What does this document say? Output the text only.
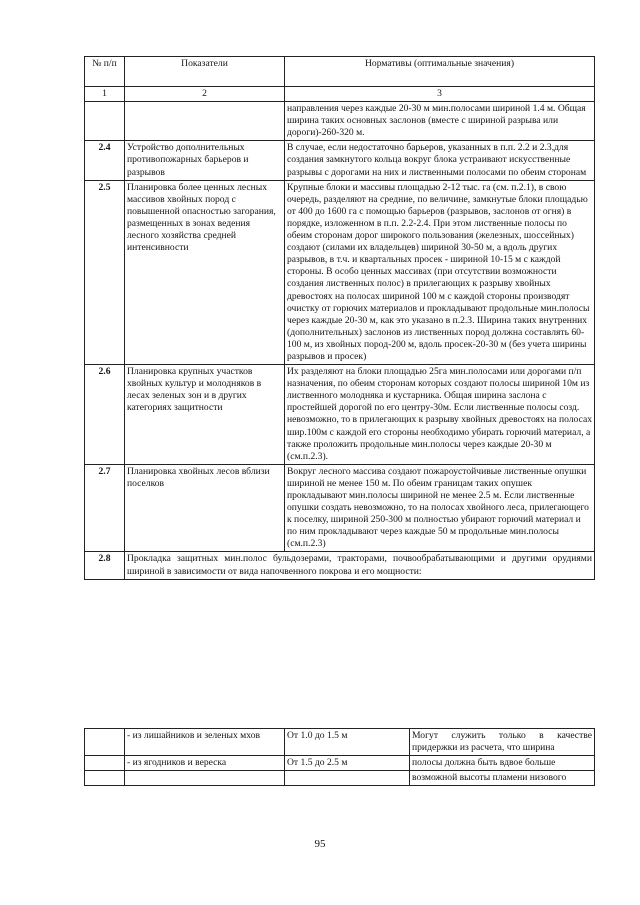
№ п/п	Показатели	Нормативы (оптимальные значения)
1	2	3
		направления через каждые 20-30 м мин.полосами шириной 1.4 м. Общая ширина таких основных заслонов (вместе с шириной разрыва или дороги)-260-320 м.
2.4	Устройство дополнительных противопожарных барьеров и разрывов	В случае, если недостаточно барьеров, указанных в п.п. 2.2 и 2.3,для создания замкнутого кольца вокруг блока устраивают искусственные разрывы с дорогами на них и лиственными полосами по обеим сторонам
2.5	Планировка более ценных лесных массивов хвойных пород с повышенной опасностью загорания, размещенных в зонах ведения лесного хозяйства средней интенсивности	Крупные блоки и массивы площадью 2-12 тыс. га (см. п.2.1), в свою очередь, разделяют на средние, по величине, замкнутые блоки площадью от 400 до 1600 га с помощью барьеров (разрывов, заслонов от огня) в порядке, изложенном в п.п. 2.2-2.4. При этом лиственные полосы по обеим сторонам дорог широкого пользования (железных, шоссейных) создают (силами их владельцев) шириной 30-50 м, а вдоль других разрывов, в т.ч. и квартальных просек - шириной 10-15 м с каждой стороны. В особо ценных массивах (при отсутствии возможности создания лиственных полос) в прилегающих к разрыву хвойных древостоях на полосах шириной 100 м с каждой стороны производят очистку от горючих материалов и прокладывают продольные мин.полосы через каждые 20-30 м, как это указано в п.2.3. Ширина таких внутренних (дополнительных) заслонов из лиственных пород должна составлять 60-100 м, из хвойных пород-200 м, вдоль просек-20-30 м (без учета ширины разрывов и просек)
2.6	Планировка крупных участков хвойных культур и молодняков в лесах зеленых зон и в других категориях защитности	Их разделяют на блоки площадью 25га мин.полосами или дорогами п/п назначения, по обеим сторонам которых создают полосы шириной 10м из лиственного молодняка и кустарника. Общая ширина заслона с простейшей дорогой по его центру-30м. Если лиственные полосы созд. невозможно, то в прилегающих к разрыву хвойных древостоях на полосах шир.100м с каждой его стороны необходимо убирать горючий материал, а также проложить продольные мин.полосы через каждые 20-30 м (см.п.2.3).
2.7	Планировка хвойных лесов вблизи поселков	Вокруг лесного массива создают пожароустойчивые лиственные опушки шириной не менее 150 м. По обеим границам таких опушек прокладывают мин.полосы шириной не менее 2.5 м. Если лиственные опушки создать невозможно, то на полосах хвойного леса, прилегающего к поселку, шириной 250-300 м полностью убирают горючий материал и по ним прокладывают через каждые 50 м продольные мин.полосы (см.п.2.3)
2.8	Прокладка защитных мин.полос бульдозерами, тракторами, почвообрабатывающими и другими орудиями шириной в зависимости от вида напочвенного покрова и его мощности:	
	- из лишайников и зеленых мхов	От 1.0 до 1.5 м	Могут служить только в качестве придержки из расчета, что ширина
	- из ягодников и вереска	От 1.5 до 2.5 м	полосы должна быть вдвое больше
			возможной высоты пламени низового
95
